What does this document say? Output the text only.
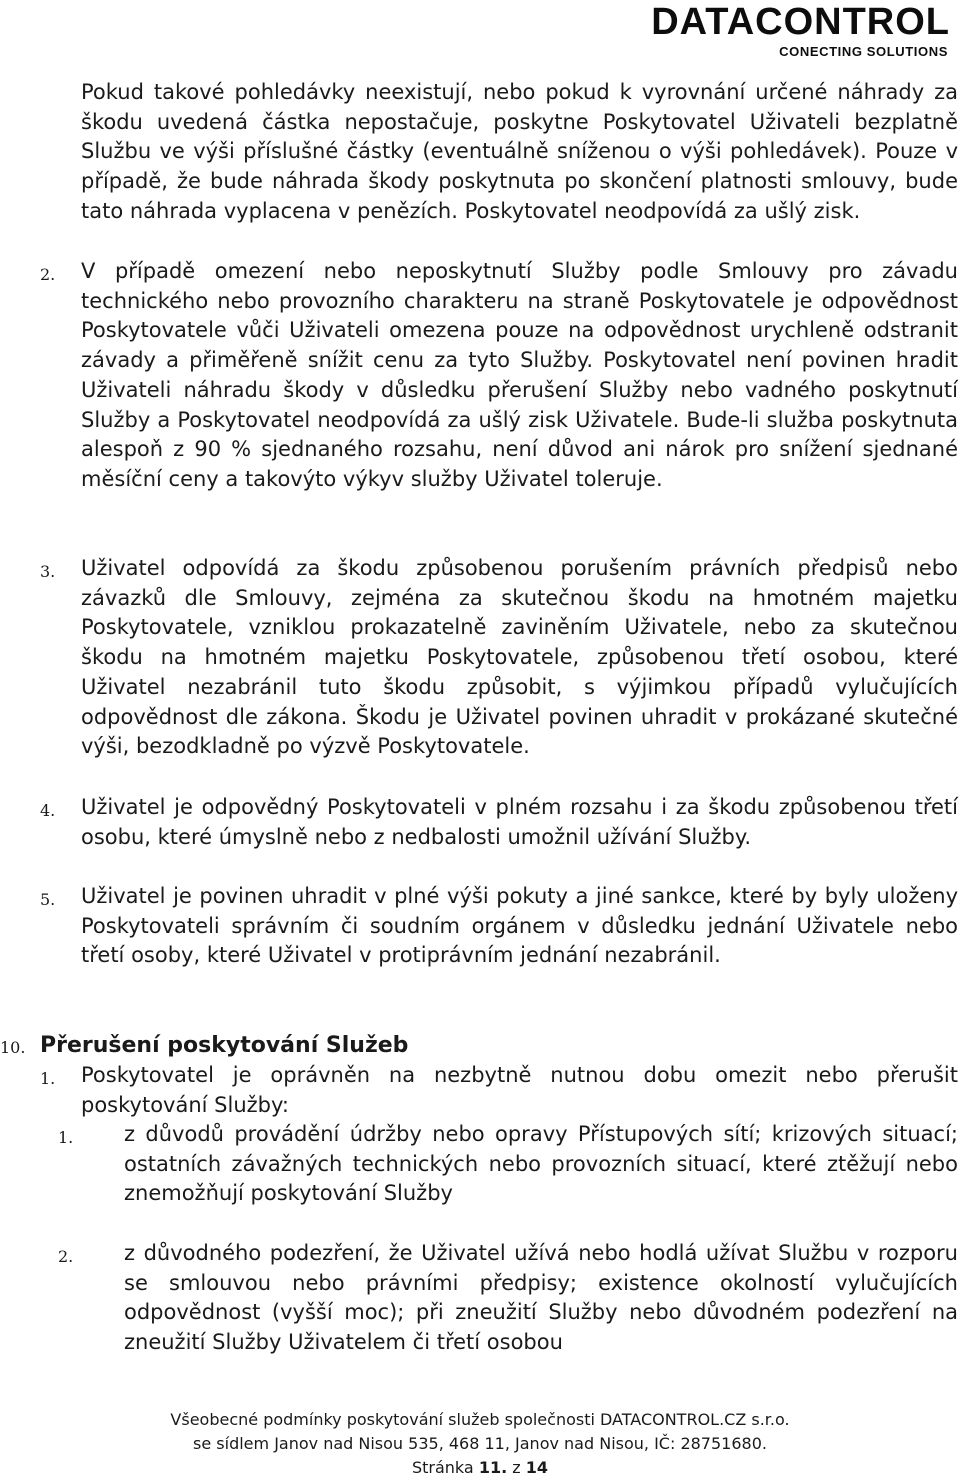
DATACONTROL
CONECTING SOLUTIONS
Pokud takové pohledávky neexistují, nebo pokud k vyrovnání určené náhrady za škodu uvedená částka nepostačuje, poskytne Poskytovatel Uživateli bezplatně Službu ve výši příslušné částky (eventuálně sníženou o výši pohledávek). Pouze v případě, že bude náhrada škody poskytnuta po skončení platnosti smlouvy, bude tato náhrada vyplacena v penězích. Poskytovatel neodpovídá za ušlý zisk.
2. V případě omezení nebo neposkytnutí Služby podle Smlouvy pro závadu technického nebo provozního charakteru na straně Poskytovatele je odpovědnost Poskytovatele vůči Uživateli omezena pouze na odpovědnost urychleně odstranit závady a přiměřeně snížit cenu za tyto Služby. Poskytovatel není povinen hradit Uživateli náhradu škody v důsledku přerušení Služby nebo vadného poskytnutí Služby a Poskytovatel neodpovídá za ušlý zisk Uživatele. Bude-li služba poskytnuta alespoň z 90 % sjednaného rozsahu, není důvod ani nárok pro snížení sjednané měsíční ceny a takovýto výkyv služby Uživatel toleruje.
3. Uživatel odpovídá za škodu způsobenou porušením právních předpisů nebo závazků dle Smlouvy, zejména za skutečnou škodu na hmotném majetku Poskytovatele, vzniklou prokazatelně zaviněním Uživatele, nebo za skutečnou škodu na hmotném majetku Poskytovatele, způsobenou třetí osobou, které Uživatel nezabránil tuto škodu způsobit, s výjimkou případů vylučujících odpovědnost dle zákona. Škodu je Uživatel povinen uhradit v prokázané skutečné výši, bezodkladně po výzvě Poskytovatele.
4. Uživatel je odpovědný Poskytovateli v plném rozsahu i za škodu způsobenou třetí osobu, které úmyslně nebo z nedbalosti umožnil užívání Služby.
5. Uživatel je povinen uhradit v plné výši pokuty a jiné sankce, které by byly uloženy Poskytovateli správním či soudním orgánem v důsledku jednání Uživatele nebo třetí osoby, které Uživatel v protiprávním jednání nezabránil.
10. Přerušení poskytování Služeb
1. Poskytovatel je oprávněn na nezbytně nutnou dobu omezit nebo přerušit poskytování Služby:
1. z důvodů provádění údržby nebo opravy Přístupových sítí; krizových situací; ostatních závažných technických nebo provozních situací, které ztěžují nebo znemožňují poskytování Služby
2. z důvodného podezření, že Uživatel užívá nebo hodlá užívat Službu v rozporu se smlouvou nebo právními předpisy; existence okolností vylučujících odpovědnost (vyšší moc); při zneužití Služby nebo důvodném podezření na zneužití Služby Uživatelem či třetí osobou
Všeobecné podmínky poskytování služeb společnosti DATACONTROL.CZ s.r.o.
se sídlem Janov nad Nisou 535, 468 11, Janov nad Nisou, IČ: 28751680.
Stránka 11. z 14
